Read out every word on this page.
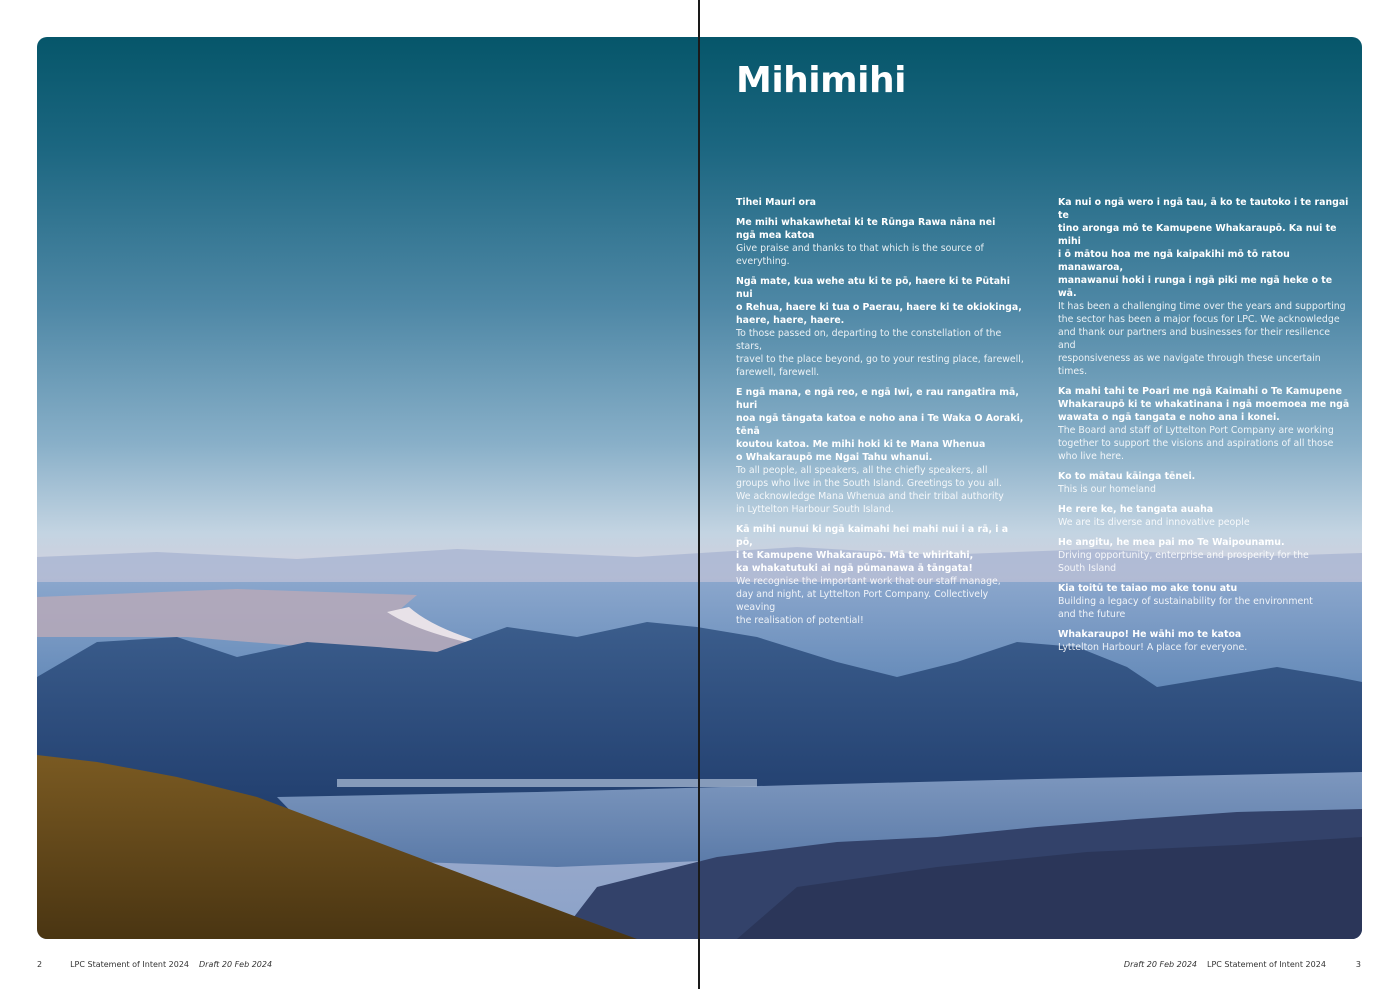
Mihimihi

Tihei Mauri ora

Me mihi whakawhetai ki te Rūnga Rawa nāna nei
ngā mea katoa
Give praise and thanks to that which is the source of
everything.

Ngā mate, kua wehe atu ki te pō, haere ki te Pūtahi nui
o Rehua, haere ki tua o Paerau, haere ki te okiokinga,
haere, haere, haere.
To those passed on, departing to the constellation of the stars,
travel to the place beyond, go to your resting place, farewell,
farewell, farewell.

E ngā mana, e ngā reo, e ngā Iwi, e rau rangatira mā, huri
noa ngā tāngata katoa e noho ana i Te Waka O Aoraki, tēnā
koutou katoa. Me mihi hoki ki te Mana Whenua
o Whakaraupō me Ngai Tahu whanui.
To all people, all speakers, all the chiefly speakers, all
groups who live in the South Island. Greetings to you all.
We acknowledge Mana Whenua and their tribal authority
in Lyttelton Harbour South Island.

Kā mihi nunui ki ngā kaimahi hei mahi nui i a rā, i a pō,
i te Kamupene Whakaraupō. Mā te whiritahi,
ka whakatutuki ai ngā pūmanawa ā tāngata!
We recognise the important work that our staff manage,
day and night, at Lyttelton Port Company. Collectively weaving
the realisation of potential!

Ka nui o ngā wero i ngā tau, ā ko te tautoko i te rangai te
tino aronga mō te Kamupene Whakaraupō. Ka nui te mihi
i ō mātou hoa me ngā kaipakihi mō tō ratou manawaroa,
manawanui hoki i runga i ngā piki me ngā heke o te wā.
It has been a challenging time over the years and supporting
the sector has been a major focus for LPC. We acknowledge
and thank our partners and businesses for their resilience and
responsiveness as we navigate through these uncertain times.

Ka mahi tahi te Poari me ngā Kaimahi o Te Kamupene
Whakaraupō ki te whakatinana i ngā moemoea me ngā
wawata o ngā tangata e noho ana i konei.
The Board and staff of Lyttelton Port Company are working
together to support the visions and aspirations of all those
who live here.

Ko to mātau kāinga tēnei.
This is our homeland

He rere ke, he tangata auaha
We are its diverse and innovative people

He angitu, he mea pai mo Te Waipounamu.
Driving opportunity, enterprise and prosperity for the
South Island

Kia toitū te taiao mo ake tonu atu
Building a legacy of sustainability for the environment
and the future

Whakaraupo! He wāhi mo te katoa
Lyttelton Harbour! A place for everyone.

2	LPC Statement of Intent 2024 Draft 20 Feb 2024	Draft 20 Feb 2024 LPC Statement of Intent 2024	3
